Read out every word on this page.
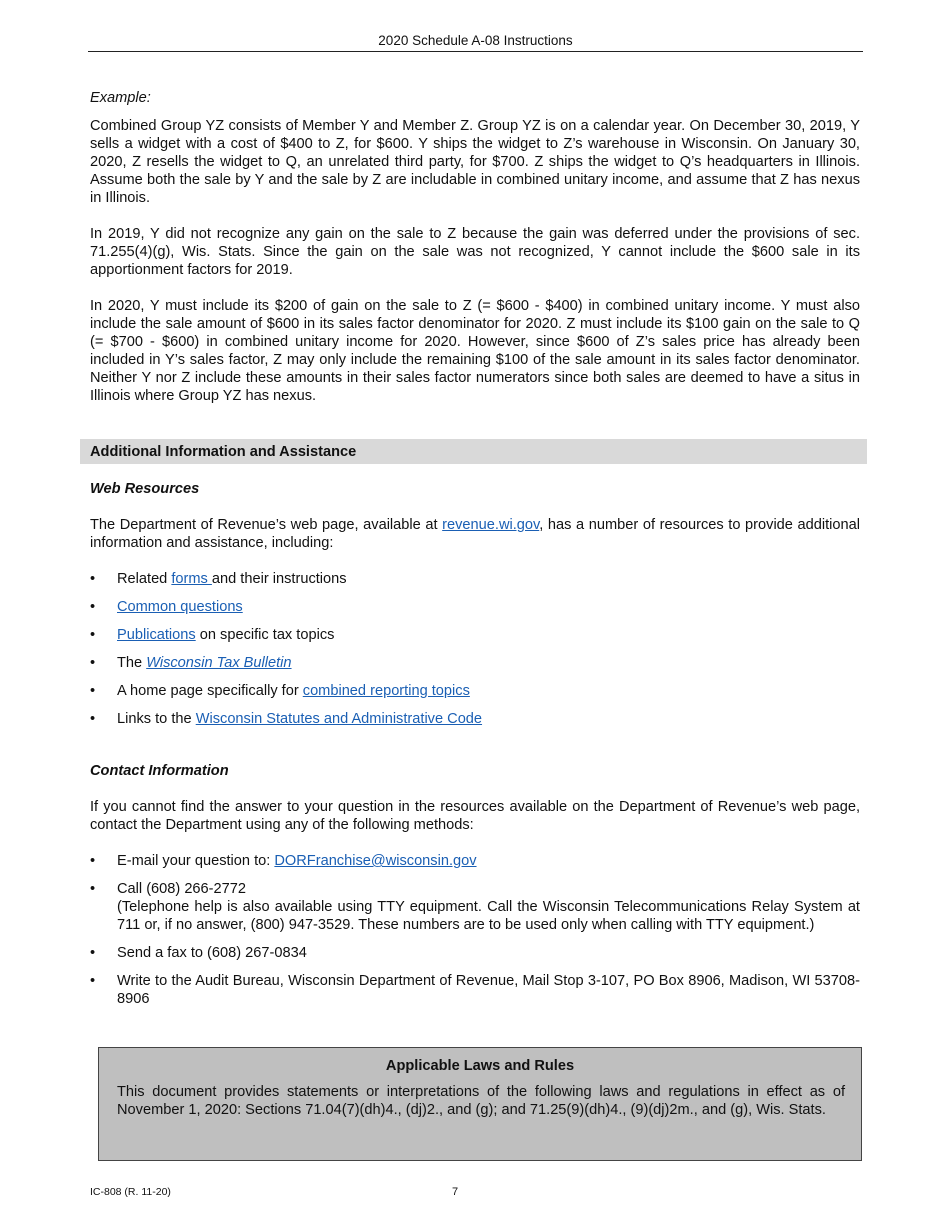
2020 Schedule A-08 Instructions

Example:

Combined Group YZ consists of Member Y and Member Z. Group YZ is on a calendar year. On December 30, 2019, Y sells a widget with a cost of $400 to Z, for $600. Y ships the widget to Z’s warehouse in Wisconsin. On January 30, 2020, Z resells the widget to Q, an unrelated third party, for $700. Z ships the widget to Q’s headquarters in Illinois. Assume both the sale by Y and the sale by Z are includable in combined unitary income, and assume that Z has nexus in Illinois.

In 2019, Y did not recognize any gain on the sale to Z because the gain was deferred under the provisions of sec. 71.255(4)(g), Wis. Stats. Since the gain on the sale was not recognized, Y cannot include the $600 sale in its apportionment factors for 2019.

In 2020, Y must include its $200 of gain on the sale to Z (= $600 - $400) in combined unitary income. Y must also include the sale amount of $600 in its sales factor denominator for 2020. Z must include its $100 gain on the sale to Q (= $700 - $600) in combined unitary income for 2020. However, since $600 of Z’s sales price has already been included in Y’s sales factor, Z may only include the remaining $100 of the sale amount in its sales factor denominator. Neither Y nor Z include these amounts in their sales factor numerators since both sales are deemed to have a situs in Illinois where Group YZ has nexus.

Additional Information and Assistance

Web Resources

The Department of Revenue’s web page, available at revenue.wi.gov, has a number of resources to provide additional information and assistance, including:

• Related forms and their instructions
• Common questions
• Publications on specific tax topics
• The Wisconsin Tax Bulletin
• A home page specifically for combined reporting topics
• Links to the Wisconsin Statutes and Administrative Code

Contact Information

If you cannot find the answer to your question in the resources available on the Department of Revenue’s web page, contact the Department using any of the following methods:

• E-mail your question to: DORFranchise@wisconsin.gov
• Call (608) 266-2772

(Telephone help is also available using TTY equipment. Call the Wisconsin Telecommunications Relay System at 711 or, if no answer, (800) 947-3529. These numbers are to be used only when calling with TTY equipment.)

• Send a fax to (608) 267-0834
• Write to the Audit Bureau, Wisconsin Department of Revenue, Mail Stop 3-107, PO Box 8906, Madison, WI 53708-8906
Applicable Laws and Rules

This document provides statements or interpretations of the following laws and regulations in effect as of November 1, 2020: Sections 71.04(7)(dh)4., (dj)2., and (g); and 71.25(9)(dh)4., (9)(dj)2m., and (g), Wis. Stats.

IC-808 (R. 11-20)	7
